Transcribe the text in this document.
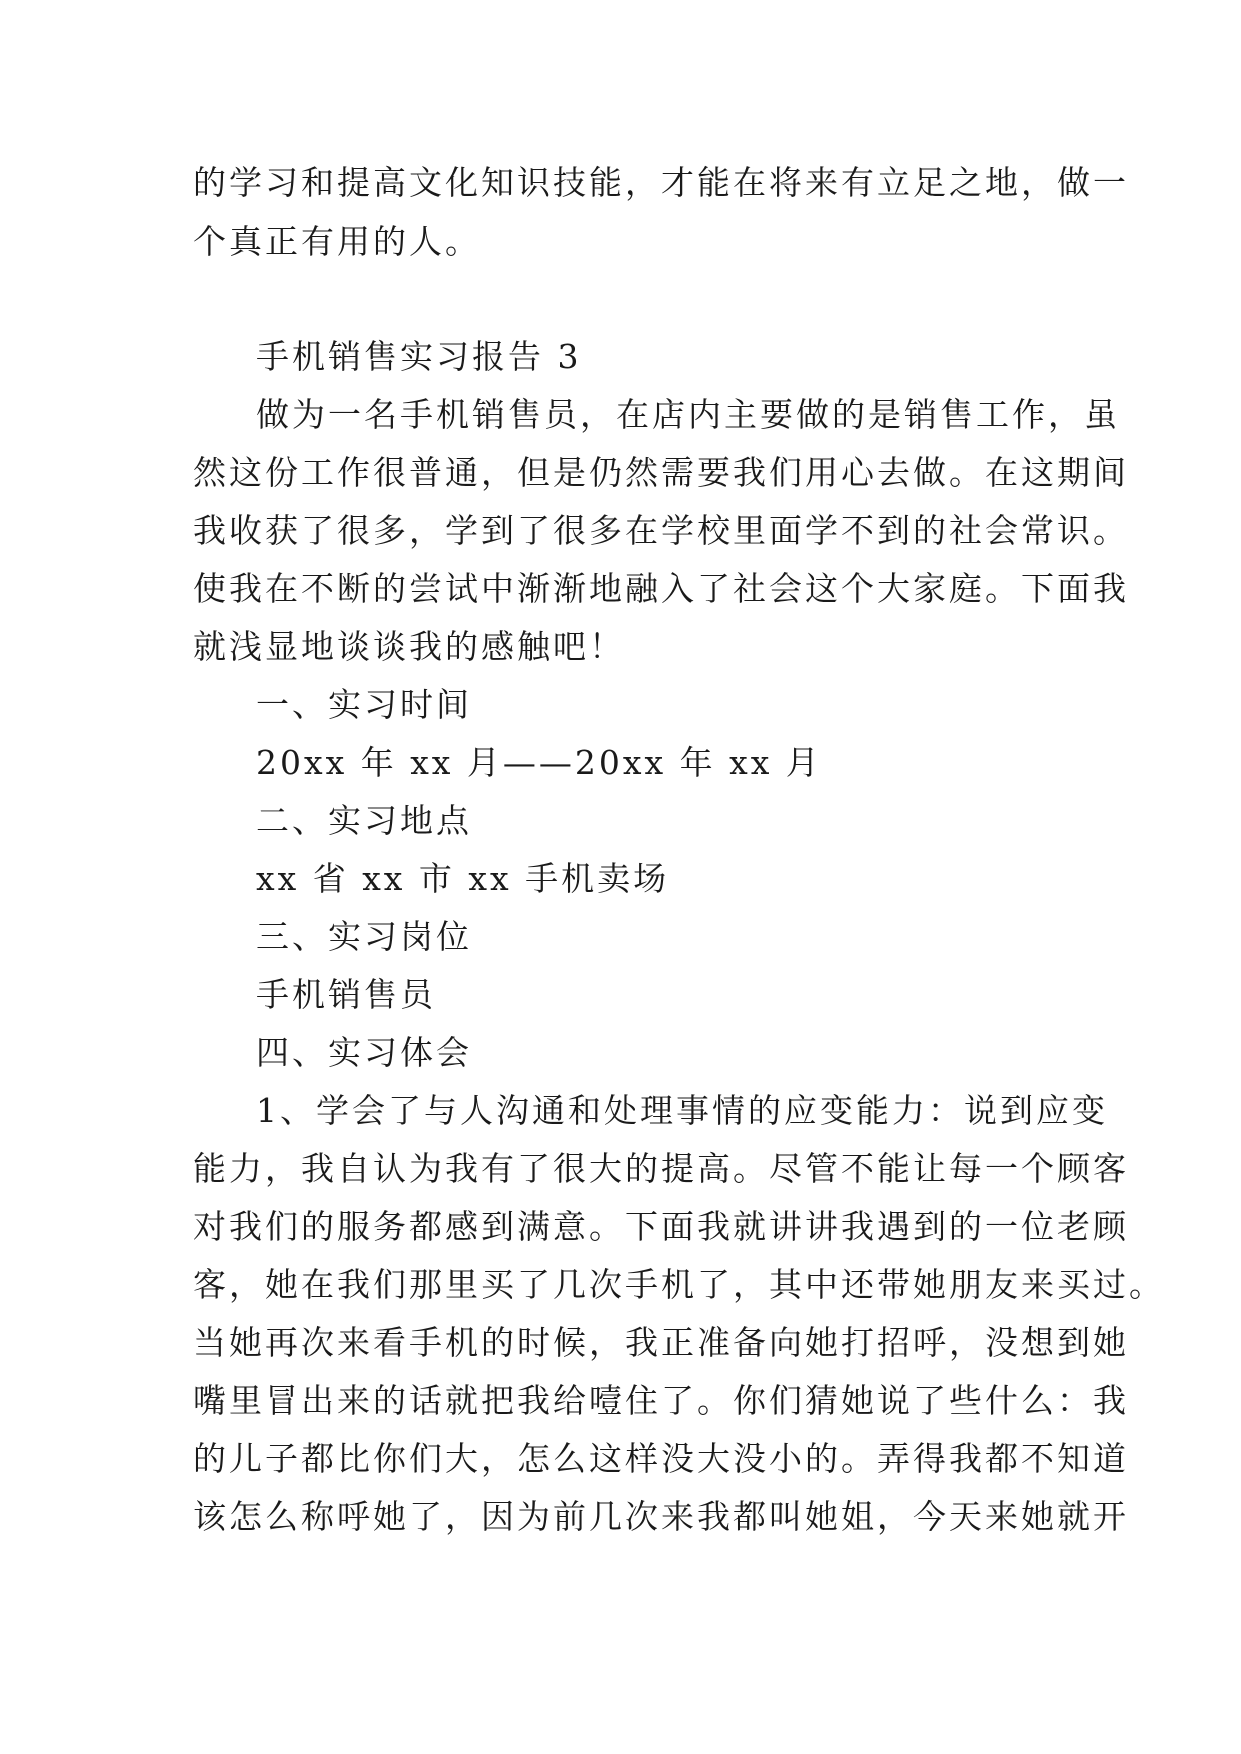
的学习和提高文化知识技能，才能在将来有立足之地，做一
个真正有用的人。
手机销售实习报告 3
做为一名手机销售员，在店内主要做的是销售工作，虽
然这份工作很普通，但是仍然需要我们用心去做。在这期间
我收获了很多，学到了很多在学校里面学不到的社会常识。
使我在不断的尝试中渐渐地融入了社会这个大家庭。下面我
就浅显地谈谈我的感触吧！
一、实习时间
20xx 年 xx 月——20xx 年 xx 月
二、实习地点
xx 省 xx 市 xx 手机卖场
三、实习岗位
手机销售员
四、实习体会
1、学会了与人沟通和处理事情的应变能力：说到应变
能力，我自认为我有了很大的提高。尽管不能让每一个顾客
对我们的服务都感到满意。下面我就讲讲我遇到的一位老顾
客，她在我们那里买了几次手机了，其中还带她朋友来买过。
当她再次来看手机的时候，我正准备向她打招呼，没想到她
嘴里冒出来的话就把我给噎住了。你们猜她说了些什么：我
的儿子都比你们大，怎么这样没大没小的。弄得我都不知道
该怎么称呼她了，因为前几次来我都叫她姐，今天来她就开
